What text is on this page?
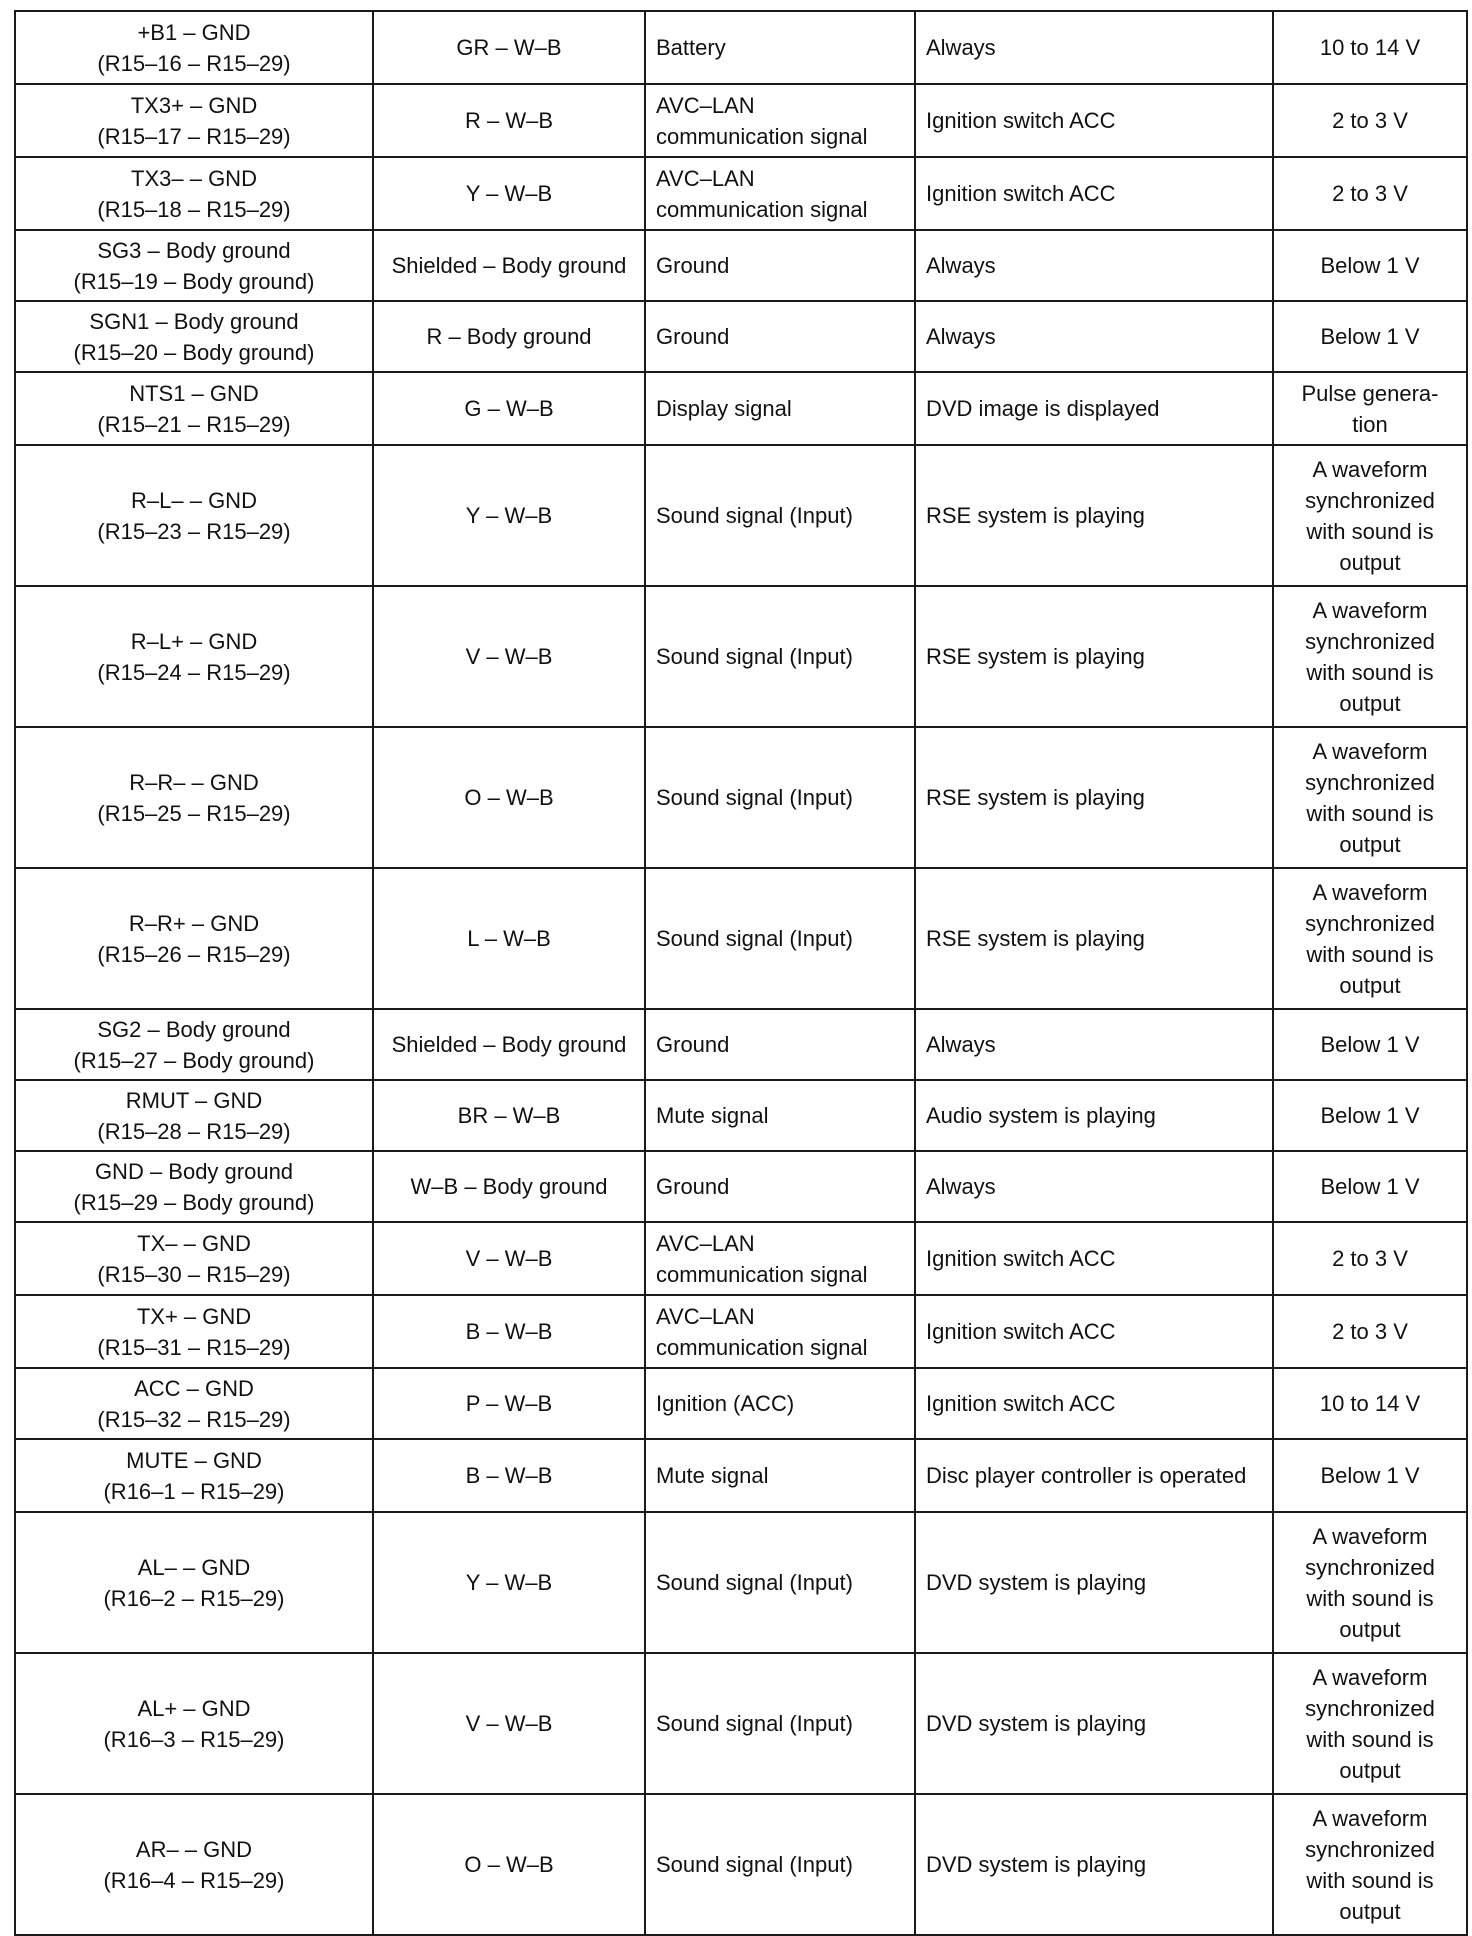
+B1 – GND
(R15–16 – R15–29)	GR – W–B	Battery	Always	10 to 14 V

TX3+ – GND
(R15–17 – R15–29)	R – W–B	AVC–LAN
communication signal	Ignition switch ACC	2 to 3 V

TX3– – GND
(R15–18 – R15–29)	Y – W–B	AVC–LAN
communication signal	Ignition switch ACC	2 to 3 V

SG3 – Body ground
(R15–19 – Body ground)	Shielded – Body ground	Ground	Always	Below 1 V

SGN1 – Body ground
(R15–20 – Body ground)	R – Body ground	Ground	Always	Below 1 V

NTS1 – GND
(R15–21 – R15–29)	G – W–B	Display signal	DVD image is displayed	Pulse genera-
tion

R–L– – GND
(R15–23 – R15–29)	Y – W–B	Sound signal (Input)	RSE system is playing	A waveform
synchronized
with sound is
output

R–L+ – GND
(R15–24 – R15–29)	V – W–B	Sound signal (Input)	RSE system is playing	A waveform
synchronized
with sound is
output

R–R– – GND
(R15–25 – R15–29)	O – W–B	Sound signal (Input)	RSE system is playing	A waveform
synchronized
with sound is
output

R–R+ – GND
(R15–26 – R15–29)	L – W–B	Sound signal (Input)	RSE system is playing	A waveform
synchronized
with sound is
output

SG2 – Body ground
(R15–27 – Body ground)	Shielded – Body ground	Ground	Always	Below 1 V

RMUT – GND
(R15–28 – R15–29)	BR – W–B	Mute signal	Audio system is playing	Below 1 V

GND – Body ground
(R15–29 – Body ground)	W–B – Body ground	Ground	Always	Below 1 V

TX– – GND
(R15–30 – R15–29)	V – W–B	AVC–LAN
communication signal	Ignition switch ACC	2 to 3 V

TX+ – GND
(R15–31 – R15–29)	B – W–B	AVC–LAN
communication signal	Ignition switch ACC	2 to 3 V

ACC – GND
(R15–32 – R15–29)	P – W–B	Ignition (ACC)	Ignition switch ACC	10 to 14 V

MUTE – GND
(R16–1 – R15–29)	B – W–B	Mute signal	Disc player controller is operated	Below 1 V

AL– – GND
(R16–2 – R15–29)	Y – W–B	Sound signal (Input)	DVD system is playing	A waveform
synchronized
with sound is
output

AL+ – GND
(R16–3 – R15–29)	V – W–B	Sound signal (Input)	DVD system is playing	A waveform
synchronized
with sound is
output

AR– – GND
(R16–4 – R15–29)	O – W–B	Sound signal (Input)	DVD system is playing	A waveform
synchronized
with sound is
output
